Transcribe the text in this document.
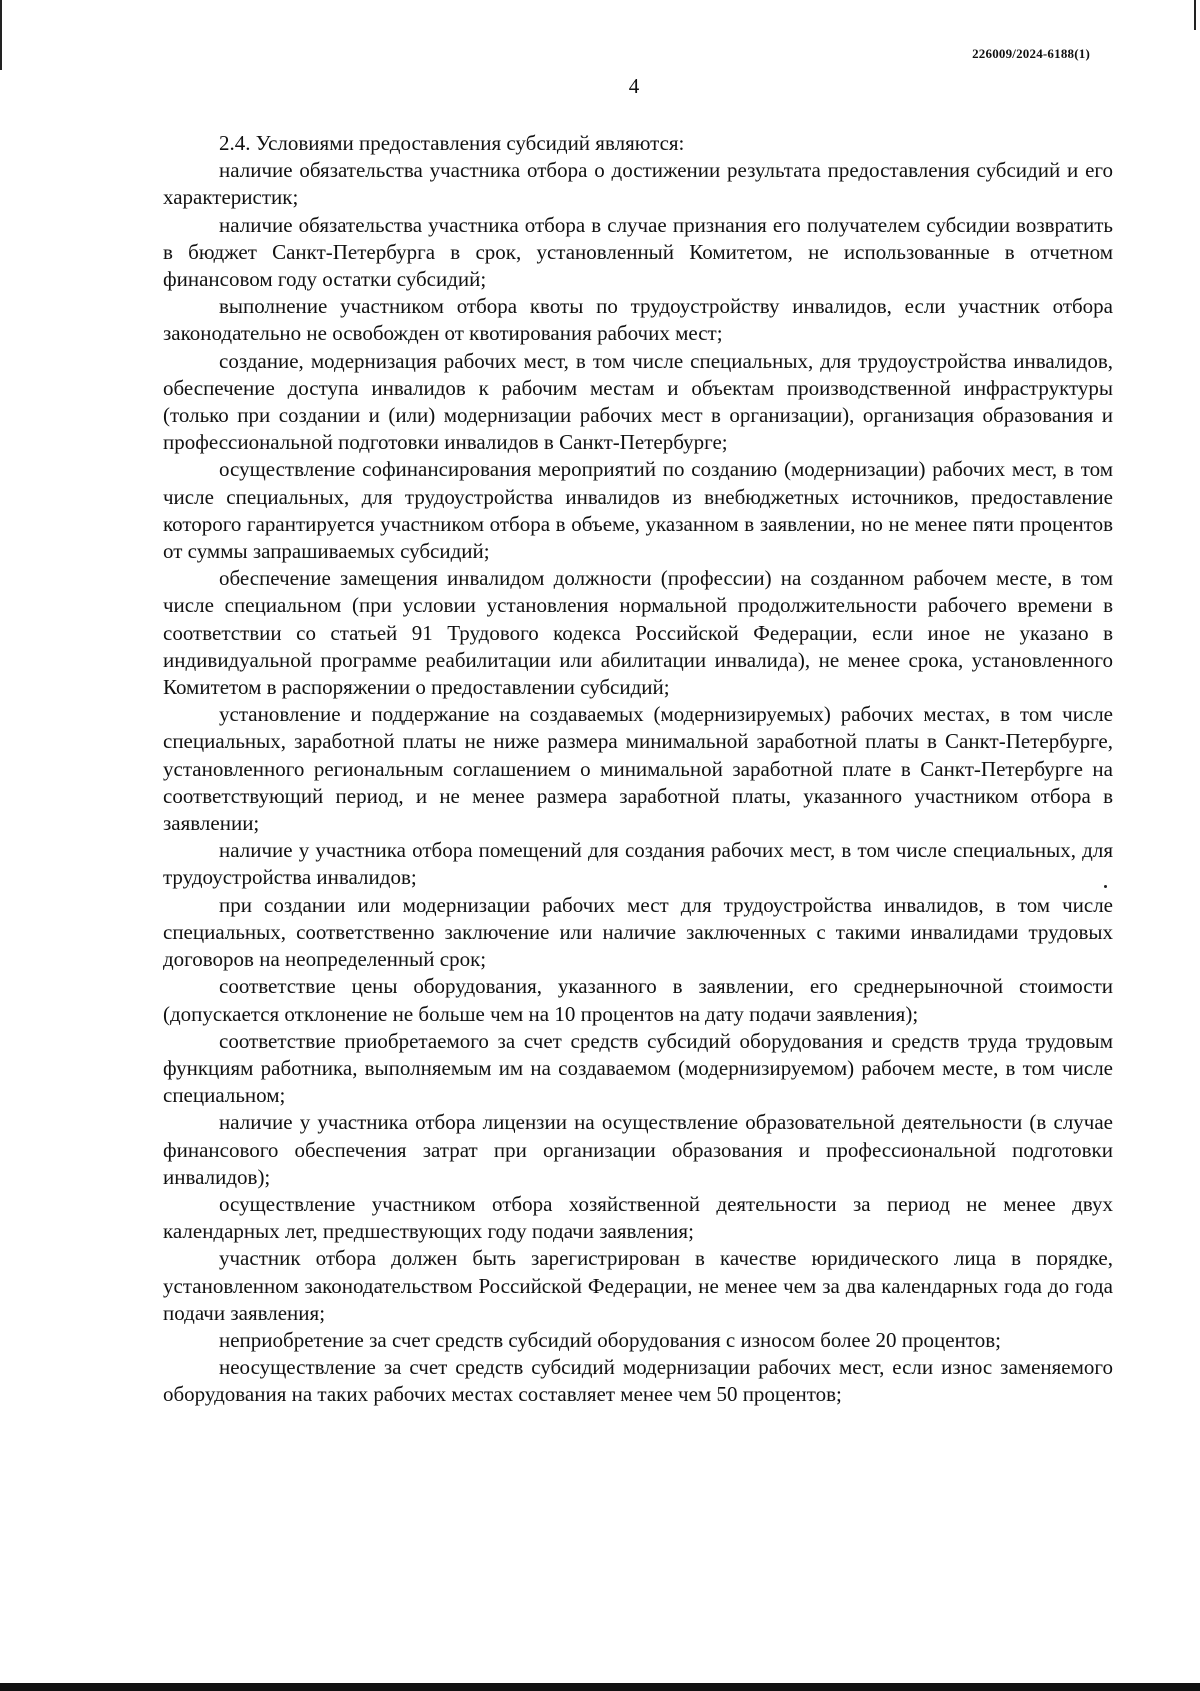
226009/2024-6188(1)
4

2.4. Условиями предоставления субсидий являются:

наличие обязательства участника отбора о достижении результата предоставления субсидий и его характеристик;

наличие обязательства участника отбора в случае признания его получателем субсидии возвратить в бюджет Санкт-Петербурга в срок, установленный Комитетом, не использованные в отчетном финансовом году остатки субсидий;

выполнение участником отбора квоты по трудоустройству инвалидов, если участник отбора законодательно не освобожден от квотирования рабочих мест;

создание, модернизация рабочих мест, в том числе специальных, для трудоустройства инвалидов, обеспечение доступа инвалидов к рабочим местам и объектам производственной инфраструктуры (только при создании и (или) модернизации рабочих мест в организации), организация образования и профессиональной подготовки инвалидов в Санкт-Петербурге;

осуществление софинансирования мероприятий по созданию (модернизации) рабочих мест, в том числе специальных, для трудоустройства инвалидов из внебюджетных источников, предоставление которого гарантируется участником отбора в объеме, указанном в заявлении, но не менее пяти процентов от суммы запрашиваемых субсидий;

обеспечение замещения инвалидом должности (профессии) на созданном рабочем месте, в том числе специальном (при условии установления нормальной продолжительности рабочего времени в соответствии со статьей 91 Трудового кодекса Российской Федерации, если иное не указано в индивидуальной программе реабилитации или абилитации инвалида), не менее срока, установленного Комитетом в распоряжении о предоставлении субсидий;

установление и поддержание на создаваемых (модернизируемых) рабочих местах, в том числе специальных, заработной платы не ниже размера минимальной заработной платы в Санкт-Петербурге, установленного региональным соглашением о минимальной заработной плате в Санкт-Петербурге на соответствующий период, и не менее размера заработной платы, указанного участником отбора в заявлении;

наличие у участника отбора помещений для создания рабочих мест, в том числе специальных, для трудоустройства инвалидов;

при создании или модернизации рабочих мест для трудоустройства инвалидов, в том числе специальных, соответственно заключение или наличие заключенных с такими инвалидами трудовых договоров на неопределенный срок;

соответствие цены оборудования, указанного в заявлении, его среднерыночной стоимости (допускается отклонение не больше чем на 10 процентов на дату подачи заявления);

соответствие приобретаемого за счет средств субсидий оборудования и средств труда трудовым функциям работника, выполняемым им на создаваемом (модернизируемом) рабочем месте, в том числе специальном;

наличие у участника отбора лицензии на осуществление образовательной деятельности (в случае финансового обеспечения затрат при организации образования и профессиональной подготовки инвалидов);

осуществление участником отбора хозяйственной деятельности за период не менее двух календарных лет, предшествующих году подачи заявления;

участник отбора должен быть зарегистрирован в качестве юридического лица в порядке, установленном законодательством Российской Федерации, не менее чем за два календарных года до года подачи заявления;

неприобретение за счет средств субсидий оборудования с износом более 20 процентов;

неосуществление за счет средств субсидий модернизации рабочих мест, если износ заменяемого оборудования на таких рабочих местах составляет менее чем 50 процентов;
